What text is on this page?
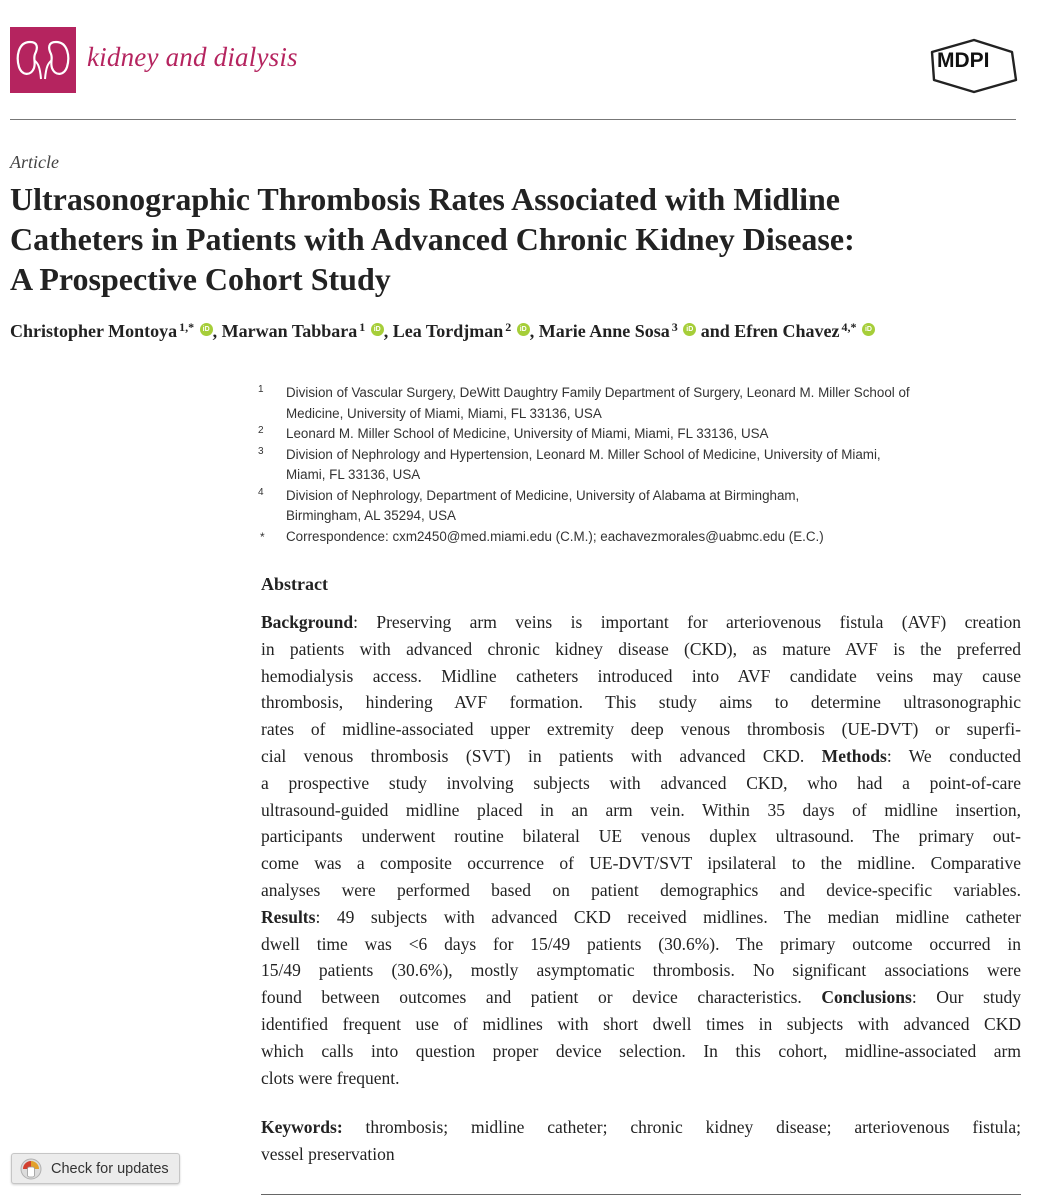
kidney and dialysis	MDPI
Article
Ultrasonographic Thrombosis Rates Associated with Midline
Catheters in Patients with Advanced Chronic Kidney Disease:
A Prospective Cohort Study
Christopher Montoya $^{1,*}$ iD , Marwan Tabbara $^1$ iD , Lea Tordjman $^2$ iD , Marie Anne Sosa $^3$ iD and Efren Chavez $^{4,*}$ iD
1 Division of Vascular Surgery, DeWitt Daughtry Family Department of Surgery, Leonard M. Miller School of
Medicine, University of Miami, Miami, FL 33136, USA
2 Leonard M. Miller School of Medicine, University of Miami, Miami, FL 33136, USA
3 Division of Nephrology and Hypertension, Leonard M. Miller School of Medicine, University of Miami,
Miami, FL 33136, USA
4 Division of Nephrology, Department of Medicine, University of Alabama at Birmingham,
Birmingham, AL 35294, USA
* Correspondence: cxm2450@med.miami.edu (C.M.); eachavezmorales@uabmc.edu (E.C.)
Abstract
Background: Preserving arm veins is important for arteriovenous fistula (AVF) creation
in patients with advanced chronic kidney disease (CKD), as mature AVF is the preferred
hemodialysis access. Midline catheters introduced into AVF candidate veins may cause
thrombosis, hindering AVF formation. This study aims to determine ultrasonographic
rates of midline-associated upper extremity deep venous thrombosis (UE-DVT) or superfi-
cial venous thrombosis (SVT) in patients with advanced CKD. Methods: We conducted
a prospective study involving subjects with advanced CKD, who had a point-of-care
ultrasound-guided midline placed in an arm vein. Within 35 days of midline insertion,
participants underwent routine bilateral UE venous duplex ultrasound. The primary out-
come was a composite occurrence of UE-DVT/SVT ipsilateral to the midline. Comparative
analyses were performed based on patient demographics and device-specific variables.
Results: 49 subjects with advanced CKD received midlines. The median midline catheter
dwell time was <6 days for 15/49 patients (30.6%). The primary outcome occurred in
15/49 patients (30.6%), mostly asymptomatic thrombosis. No significant associations were
found between outcomes and patient or device characteristics. Conclusions: Our study
identified frequent use of midlines with short dwell times in subjects with advanced CKD
which calls into question proper device selection. In this cohort, midline-associated arm
clots were frequent.
Keywords: thrombosis; midline catheter; chronic kidney disease; arteriovenous fistula;
vessel preservation
Check for updates
